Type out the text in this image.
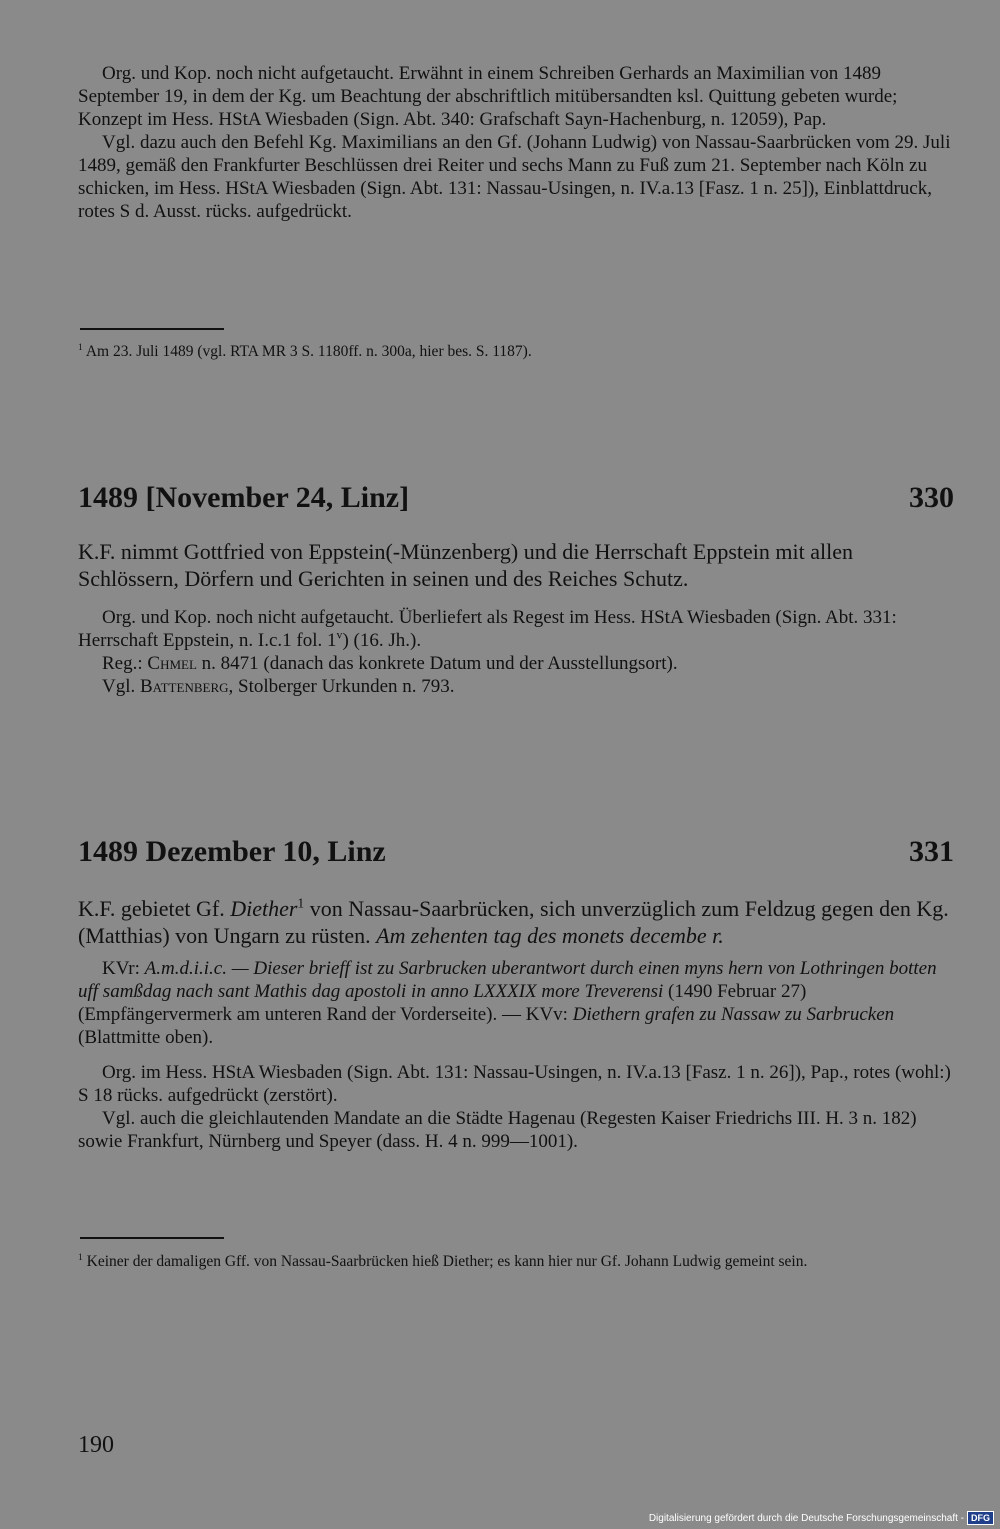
Org. und Kop. noch nicht aufgetaucht. Erwähnt in einem Schreiben Gerhards an Maximilian von 1489 September 19, in dem der Kg. um Beachtung der abschriftlich mitübersandten ksl. Quittung gebeten wurde; Konzept im Hess. HStA Wiesbaden (Sign. Abt. 340: Grafschaft Sayn-Hachenburg, n. 12059), Pap.

Vgl. dazu auch den Befehl Kg. Maximilians an den Gf. (Johann Ludwig) von Nassau-Saarbrücken vom 29. Juli 1489, gemäß den Frankfurter Beschlüssen drei Reiter und sechs Mann zu Fuß zum 21. September nach Köln zu schicken, im Hess. HStA Wiesbaden (Sign. Abt. 131: Nassau-Usingen, n. IV.a.13 [Fasz. 1 n. 25]), Einblattdruck, rotes S d. Ausst. rücks. aufgedrückt.

$^1$ Am 23. Juli 1489 (vgl. RTA MR 3 S. 1180ff. n. 300a, hier bes. S. 1187).
1489 [November 24, Linz]	330

K.F. nimmt Gottfried von Eppstein(-Münzenberg) und die Herrschaft Eppstein mit allen Schlössern, Dörfern und Gerichten in seinen und des Reiches Schutz.

Org. und Kop. noch nicht aufgetaucht. Überliefert als Regest im Hess. HStA Wiesbaden (Sign. Abt. 331: Herrschaft Eppstein, n. I.c.1 fol. 1$^v$) (16. Jh.).

Reg.: Chmel n. 8471 (danach das konkrete Datum und der Ausstellungsort).

Vgl. Battenberg, Stolberger Urkunden n. 793.

1489 Dezember 10, Linz	331

K.F. gebietet Gf. Diether$^1$ von Nassau-Saarbrücken, sich unverzüglich zum Feldzug gegen den Kg. (Matthias) von Ungarn zu rüsten. Am zehenten tag des monets decembe r.

KVr: A.m.d.i.i.c. — Dieser brieff ist zu Sarbrucken uberantwort durch einen myns hern von Lothringen botten uff samßdag nach sant Mathis dag apostoli in anno LXXXIX more Treverensi (1490 Februar 27) (Empfängervermerk am unteren Rand der Vorderseite). — KVv: Diethern grafen zu Nassaw zu Sarbrucken (Blattmitte oben).

Org. im Hess. HStA Wiesbaden (Sign. Abt. 131: Nassau-Usingen, n. IV.a.13 [Fasz. 1 n. 26]), Pap., rotes (wohl:) S 18 rücks. aufgedrückt (zerstört).

Vgl. auch die gleichlautenden Mandate an die Städte Hagenau (Regesten Kaiser Friedrichs III. H. 3 n. 182) sowie Frankfurt, Nürnberg und Speyer (dass. H. 4 n. 999—1001).

$^1$ Keiner der damaligen Gff. von Nassau-Saarbrücken hieß Diether; es kann hier nur Gf. Johann Ludwig gemeint sein.
190
Digitalisierung gefördert durch die Deutsche Forschungsgemeinschaft - DFG
